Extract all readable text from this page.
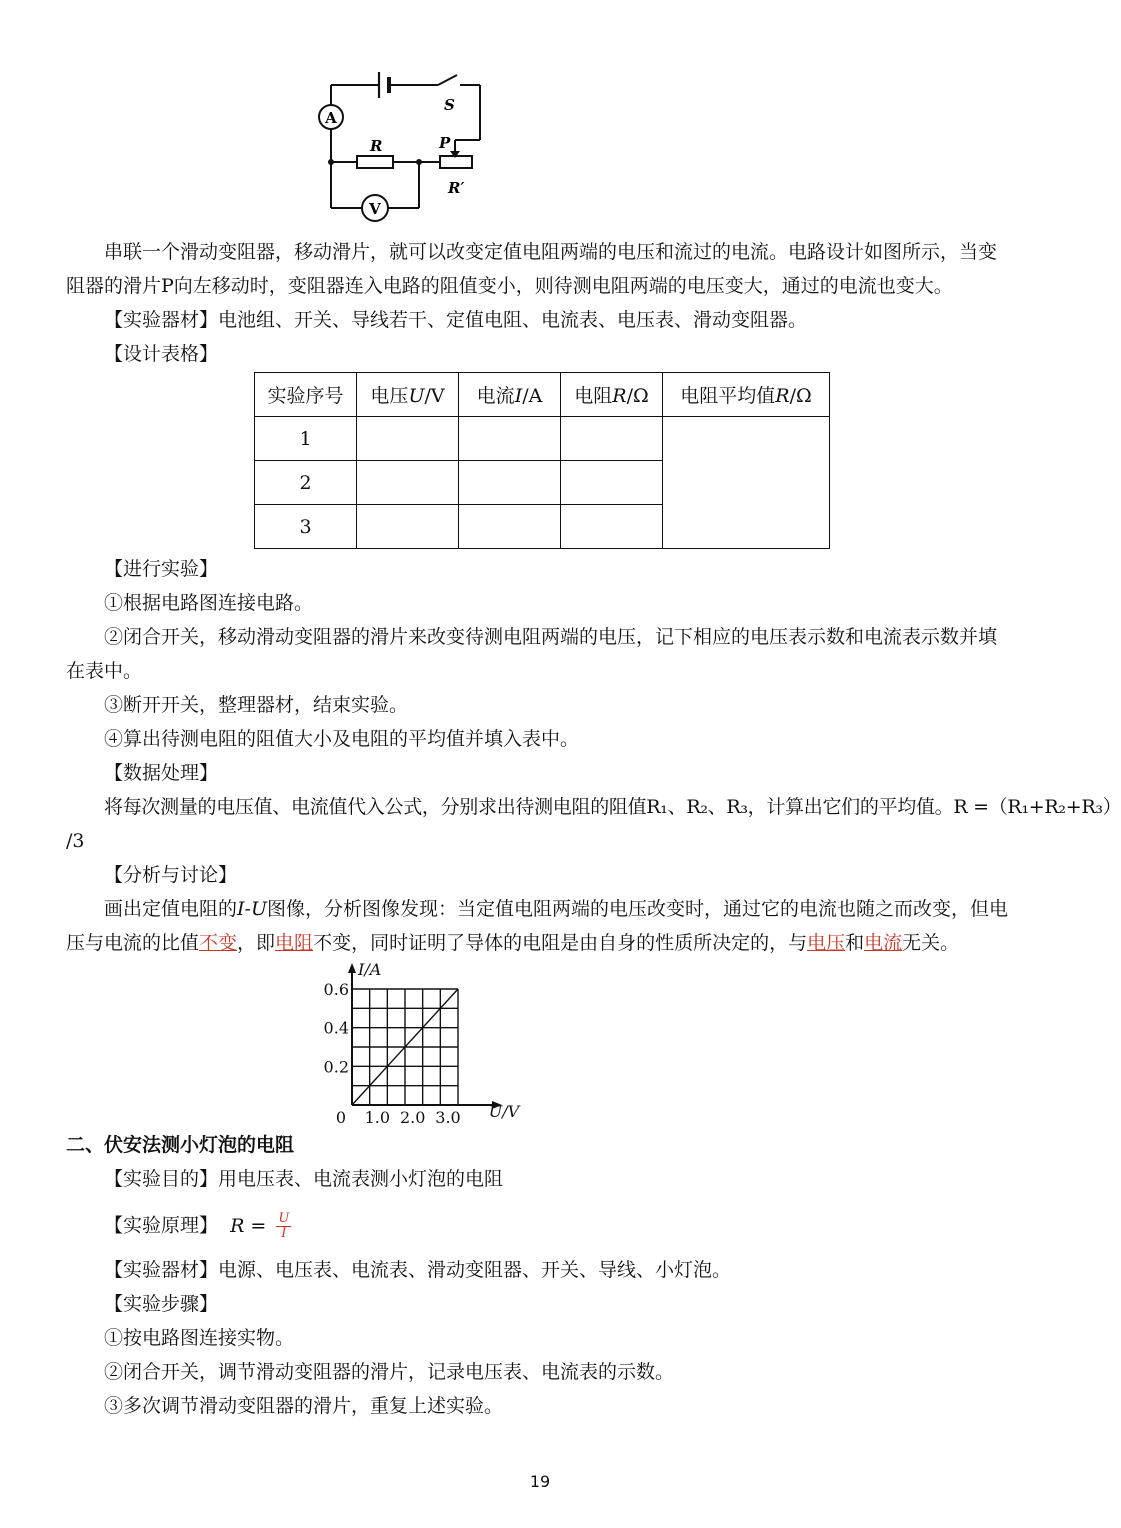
A
V
S
R	P
R′
串联一个滑动变阻器，移动滑片，就可以改变定值电阻两端的电压和流过的电流。电路设计如图所示，当变
阻器的滑片P向左移动时，变阻器连入电路的阻值变小，则待测电阻两端的电压变大，通过的电流也变大。
【实验器材】电池组、开关、导线若干、定值电阻、电流表、电压表、滑动变阻器。
【设计表格】
实验序号	电压U/V	电流I/A	电阻R/Ω	电阻平均值R/Ω
1				
2				
3				
【进行实验】
①根据电路图连接电路。
②闭合开关，移动滑动变阻器的滑片来改变待测电阻两端的电压，记下相应的电压表示数和电流表示数并填
在表中。
③断开开关，整理器材，结束实验。
④算出待测电阻的阻值大小及电阻的平均值并填入表中。
【数据处理】
将每次测量的电压值、电流值代入公式，分别求出待测电阻的阻值R₁、R₂、R₃，计算出它们的平均值。R =（R₁+R₂+R₃）
/3
【分析与讨论】
画出定值电阻的I-U图像，分析图像发现：当定值电阻两端的电压改变时，通过它的电流也随之而改变，但电
压与电流的比值不变，即电阻不变，同时证明了导体的电阻是由自身的性质所决定的，与电压和电流无关。
0 1.0 2.0 3.0
0.2
0.4
0.6
U/V
I/A
二、伏安法测小灯泡的电阻
【实验目的】用电压表、电流表测小灯泡的电阻
【实验原理】 $R = \frac{U}{I}$
【实验器材】电源、电压表、电流表、滑动变阻器、开关、导线、小灯泡。
【实验步骤】
①按电路图连接实物。
②闭合开关，调节滑动变阻器的滑片，记录电压表、电流表的示数。
③多次调节滑动变阻器的滑片，重复上述实验。
19
